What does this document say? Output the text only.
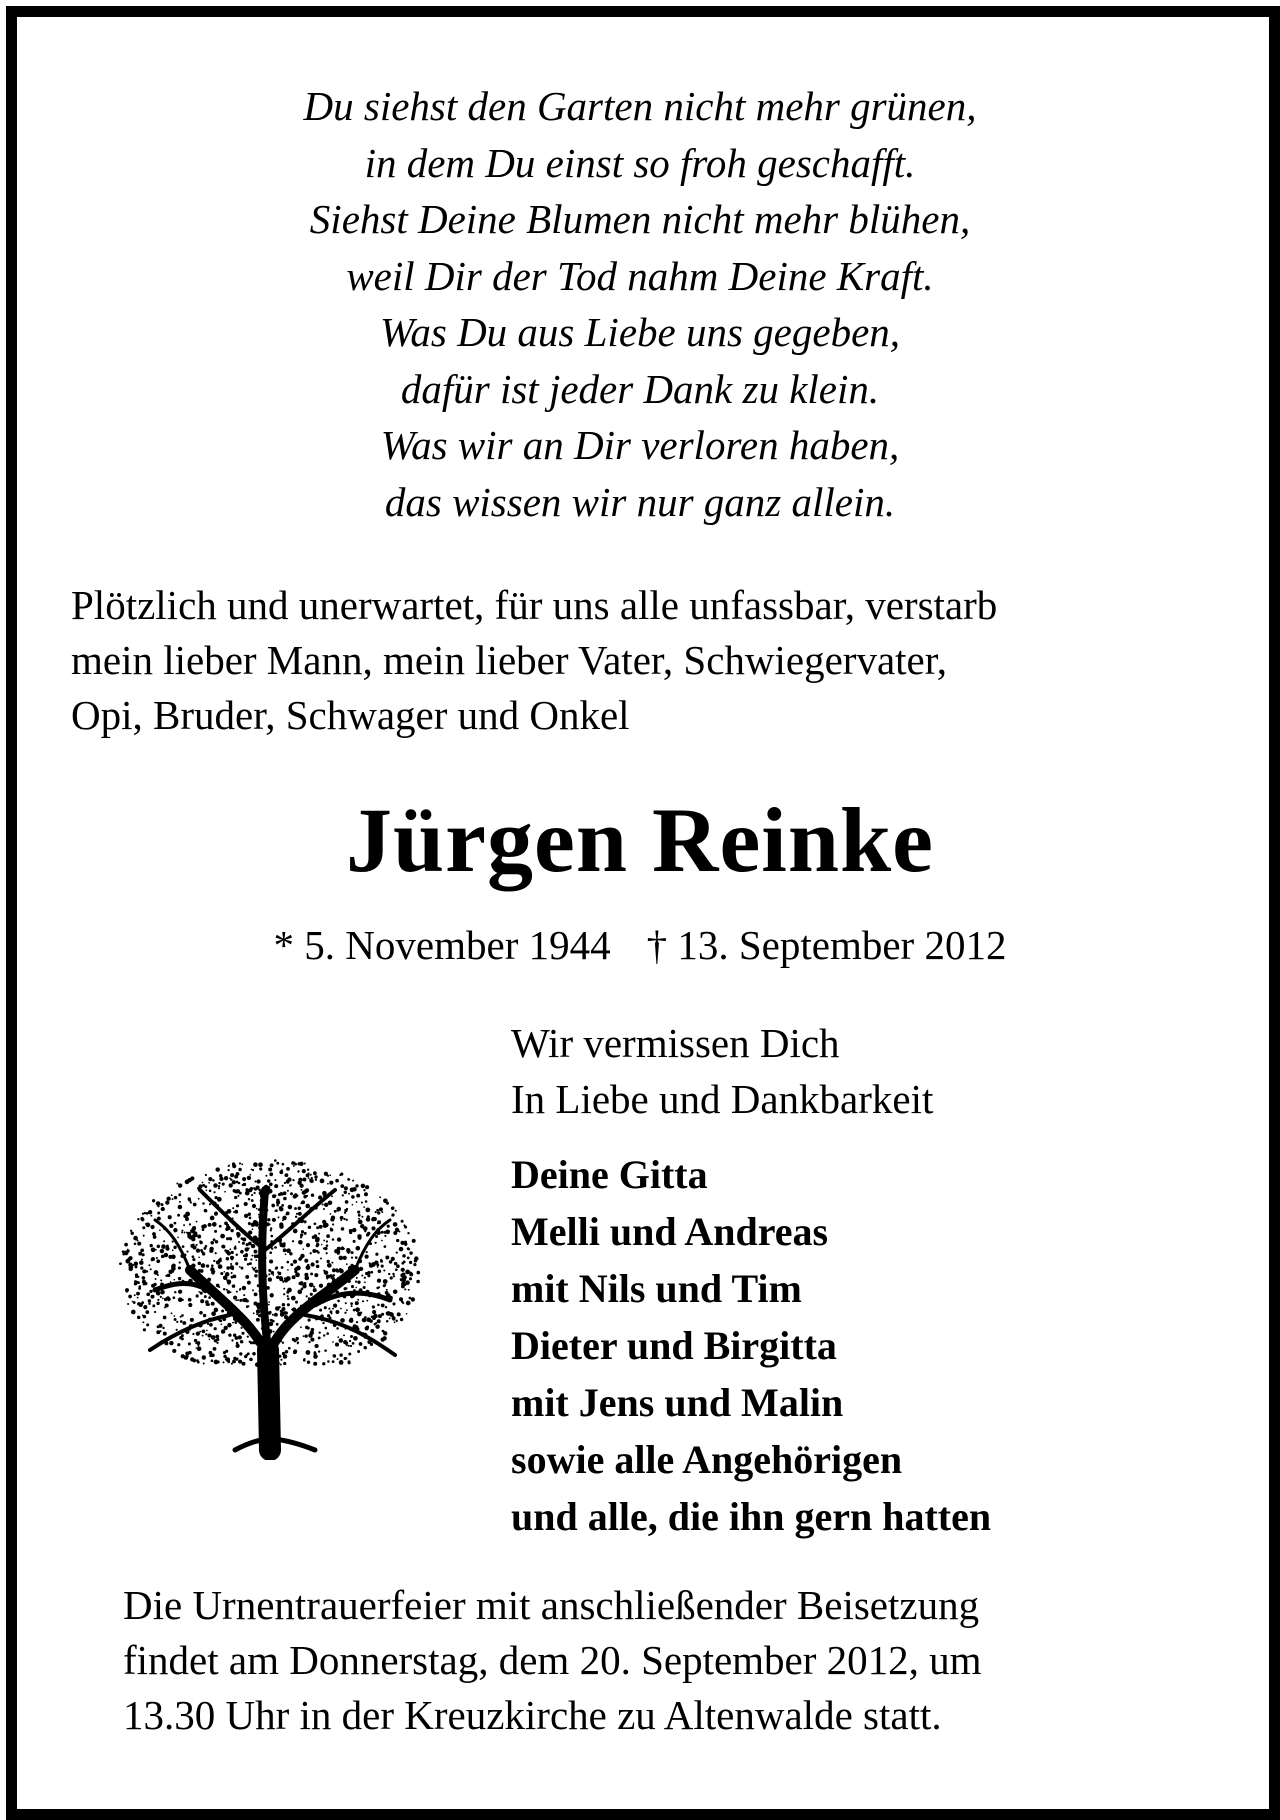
Du siehst den Garten nicht mehr grünen,
in dem Du einst so froh geschafft.
Siehst Deine Blumen nicht mehr blühen,
weil Dir der Tod nahm Deine Kraft.
Was Du aus Liebe uns gegeben,
dafür ist jeder Dank zu klein.
Was wir an Dir verloren haben,
das wissen wir nur ganz allein.
Plötzlich und unerwartet, für uns alle unfassbar, verstarb
mein lieber Mann, mein lieber Vater, Schwiegervater,
Opi, Bruder, Schwager und Onkel
Jürgen Reinke
* 5. November 1944 † 13. September 2012
Wir vermissen Dich
In Liebe und Dankbarkeit
Deine Gitta
Melli und Andreas
mit Nils und Tim
Dieter und Birgitta
mit Jens und Malin
sowie alle Angehörigen
und alle, die ihn gern hatten
Die Urnentrauerfeier mit anschließender Beisetzung
findet am Donnerstag, dem 20. September 2012, um
13.30 Uhr in der Kreuzkirche zu Altenwalde statt.
